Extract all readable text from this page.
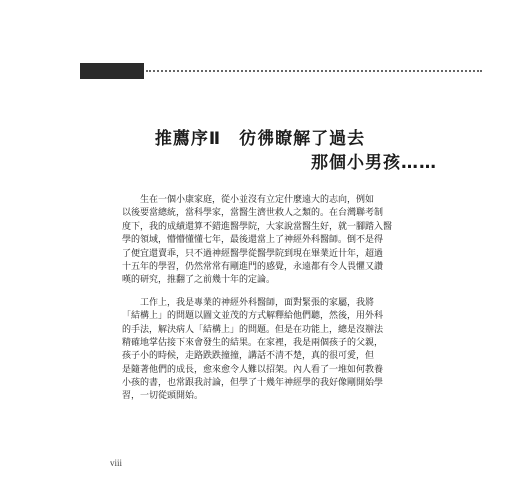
推薦序Ⅱ　彷彿瞭解了過去
那個小男孩……

　　生在一個小康家庭，從小並沒有立定什麼遠大的志向，例如
以後要當總統，當科學家，當醫生濟世救人之類的。在台灣聯考制
度下，我的成績還算不錯進醫學院，大家說當醫生好，就一腳踏入醫
學的領域，懵懵懂懂七年，最後還當上了神經外科醫師。倒不是得
了便宜還賣乖，只不過神經醫學從醫學院到現在畢業近卄年，超過
十五年的學習，仍然常常有剛進門的感覺，永遠都有令人畏懼又讚
嘆的研究，推翻了之前幾十年的定論。

　　工作上，我是專業的神經外科醫師，面對緊張的家屬，我將
「結構上」的問題以圖文並茂的方式解釋給他們聽，然後，用外科
的手法，解決病人「結構上」的問題。但是在功能上，總是沒辦法
精確地掌估接下來會發生的結果。在家裡，我是兩個孩子的父親，
孩子小的時候，走路跌跌撞撞，講話不清不楚，真的很可愛，但
是隨著他們的成長，愈來愈令人難以招架。內人看了一堆如何教養
小孩的書，也常跟我討論，但學了十幾年神經學的我好像剛開始學
習，一切從頭開始。

viii
